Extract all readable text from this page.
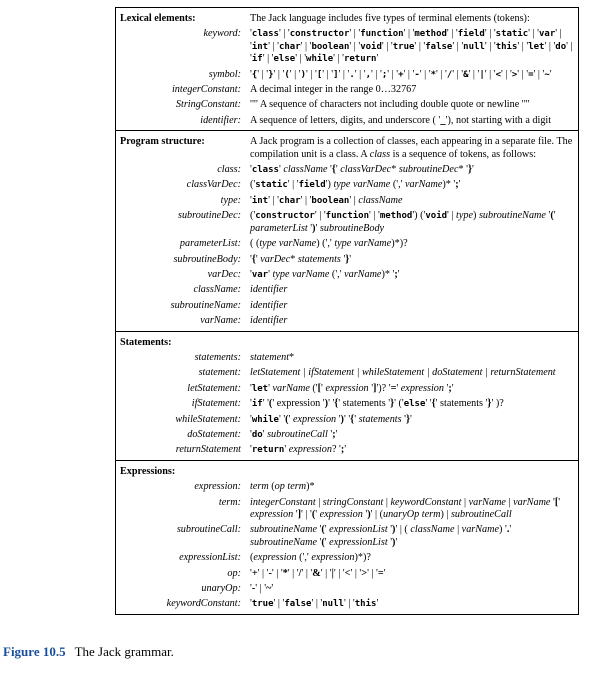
Lexical elements:	The Jack language includes five types of terminal elements (tokens):
keyword: 'class' | 'constructor' | 'function' | 'method' | 'field' | 'static' | 'var' | 'int' | 'char' | 'boolean' | 'void' | 'true' | 'false' | 'null' | 'this' | 'let' | 'do' | 'if' | 'else' | 'while' | 'return'
symbol: '{' | '}' | '(' | ')' | '[' | ']' | '.' | ',' | ';' | '+' | '-' | '*' | '/' | '&' | '|' | '<' | '>' | '=' | '~'
integerConstant: A decimal integer in the range 0…32767
StringConstant: '"' A sequence of characters not including double quote or newline '"'
identifier: A sequence of letters, digits, and underscore ( '_'), not starting with a digit
Program structure:	A Jack program is a collection of classes, each appearing in a separate file. The compilation unit is a class. A class is a sequence of tokens, as follows:
class: 'class' className '{' classVarDec* subroutineDec* '}'
classVarDec: ('static' | 'field') type varName (',' varName)* ';'
type: 'int' | 'char' | 'boolean' | className
subroutineDec: ('constructor' | 'function' | 'method') ('void' | type) subroutineName '(' parameterList ')' subroutineBody
parameterList: ( (type varName) (',' type varName)*)?
subroutineBody: '{' varDec* statements '}'
varDec: 'var' type varName (',' varName)* ';'
className: identifier
subroutineName: identifier
varName: identifier
Statements:
statements: statement*
statement: letStatement | ifStatement | whileStatement | doStatement | returnStatement
letStatement: 'let' varName ('[' expression ']')? '=' expression ';'
ifStatement: 'if' '(' expression ')' '{' statements '}' ('else' '{' statements '}' )?
whileStatement: 'while' '(' expression ')' '{' statements '}'
doStatement: 'do' subroutineCall ';'
returnStatement 'return' expression? ';'
Expressions:
expression: term (op term)*
term: integerConstant | stringConstant | keywordConstant | varName | varName '[' expression ']' | '(' expression ')' | (unaryOp term) | subroutineCall
subroutineCall: subroutineName '(' expressionList ')' | ( className | varName) '.' subroutineName '(' expressionList ')'
expressionList: (expression (',' expression)*)?
op: '+' | '-' | '*' | '/' | '&' | '|' | '<' | '>' | '='
unaryOp: '-' | '~'
keywordConstant: 'true' | 'false' | 'null' | 'this'
Figure 10.5 The Jack grammar.
